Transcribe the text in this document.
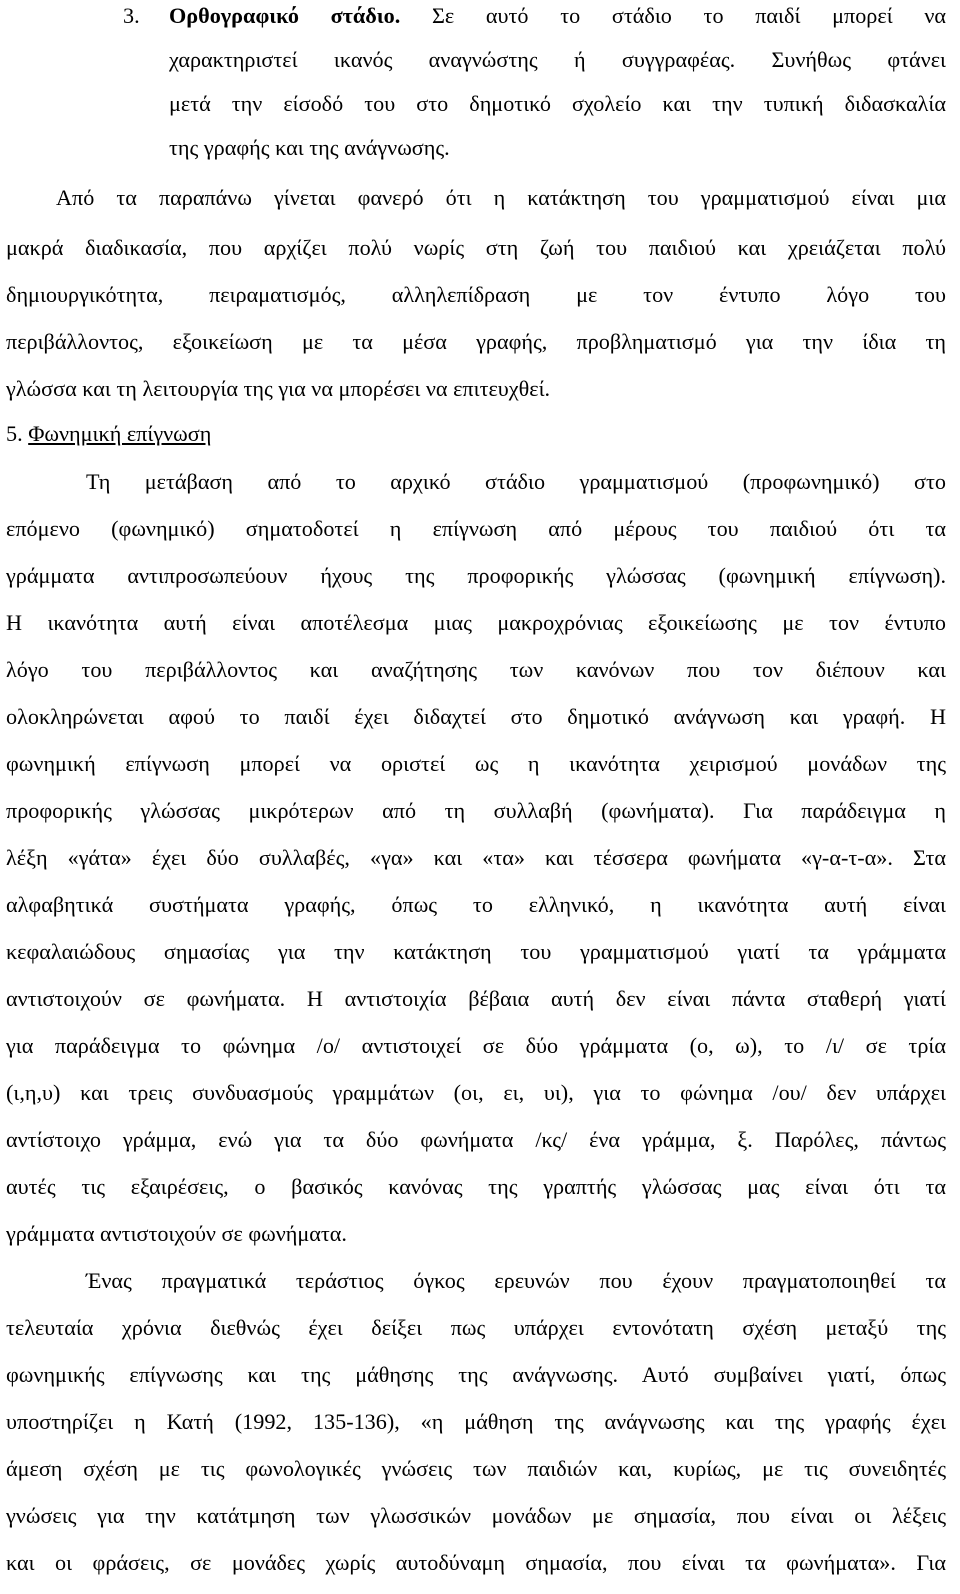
3. Ορθογραφικό στάδιο. Σε αυτό το στάδιο το παιδί μπορεί να
χαρακτηριστεί ικανός αναγνώστης ή συγγραφέας. Συνήθως φτάνει
μετά την είσοδό του στο δημοτικό σχολείο και την τυπική διδασκαλία
της γραφής και της ανάγνωσης.
Από τα παραπάνω γίνεται φανερό ότι η κατάκτηση του γραμματισμού είναι μια
μακρά διαδικασία, που αρχίζει πολύ νωρίς στη ζωή του παιδιού και χρειάζεται πολύ
δημιουργικότητα, πειραματισμός, αλληλεπίδραση με τον έντυπο λόγο του
περιβάλλοντος, εξοικείωση με τα μέσα γραφής, προβληματισμό για την ίδια τη
γλώσσα και τη λειτουργία της για να μπορέσει να επιτευχθεί.
5. Φωνημική επίγνωση
Τη μετάβαση από το αρχικό στάδιο γραμματισμού (προφωνημικό) στο
επόμενο (φωνημικό) σηματοδοτεί η επίγνωση από μέρους του παιδιού ότι τα
γράμματα αντιπροσωπεύουν ήχους της προφορικής γλώσσας (φωνημική επίγνωση).
Η ικανότητα αυτή είναι αποτέλεσμα μιας μακροχρόνιας εξοικείωσης με τον έντυπο
λόγο του περιβάλλοντος και αναζήτησης των κανόνων που τον διέπουν και
ολοκληρώνεται αφού το παιδί έχει διδαχτεί στο δημοτικό ανάγνωση και γραφή. Η
φωνημική επίγνωση μπορεί να οριστεί ως η ικανότητα χειρισμού μονάδων της
προφορικής γλώσσας μικρότερων από τη συλλαβή (φωνήματα). Για παράδειγμα η
λέξη «γάτα» έχει δύο συλλαβές, «γα» και «τα» και τέσσερα φωνήματα «γ-α-τ-α». Στα
αλφαβητικά συστήματα γραφής, όπως το ελληνικό, η ικανότητα αυτή είναι
κεφαλαιώδους σημασίας για την κατάκτηση του γραμματισμού γιατί τα γράμματα
αντιστοιχούν σε φωνήματα. Η αντιστοιχία βέβαια αυτή δεν είναι πάντα σταθερή γιατί
για παράδειγμα το φώνημα /ο/ αντιστοιχεί σε δύο γράμματα (ο, ω), το /ι/ σε τρία
(ι,η,υ) και τρεις συνδυασμούς γραμμάτων (οι, ει, υι), για το φώνημα /ου/ δεν υπάρχει
αντίστοιχο γράμμα, ενώ για τα δύο φωνήματα /κς/ ένα γράμμα, ξ. Παρόλες, πάντως
αυτές τις εξαιρέσεις, ο βασικός κανόνας της γραπτής γλώσσας μας είναι ότι τα
γράμματα αντιστοιχούν σε φωνήματα.
Ένας πραγματικά τεράστιος όγκος ερευνών που έχουν πραγματοποιηθεί τα
τελευταία χρόνια διεθνώς έχει δείξει πως υπάρχει εντονότατη σχέση μεταξύ της
φωνημικής επίγνωσης και της μάθησης της ανάγνωσης. Αυτό συμβαίνει γιατί, όπως
υποστηρίζει η Κατή (1992, 135-136), «η μάθηση της ανάγνωσης και της γραφής έχει
άμεση σχέση με τις φωνολογικές γνώσεις των παιδιών και, κυρίως, με τις συνειδητές
γνώσεις για την κατάτμηση των γλωσσικών μονάδων με σημασία, που είναι οι λέξεις
και οι φράσεις, σε μονάδες χωρίς αυτοδύναμη σημασία, που είναι τα φωνήματα». Για
